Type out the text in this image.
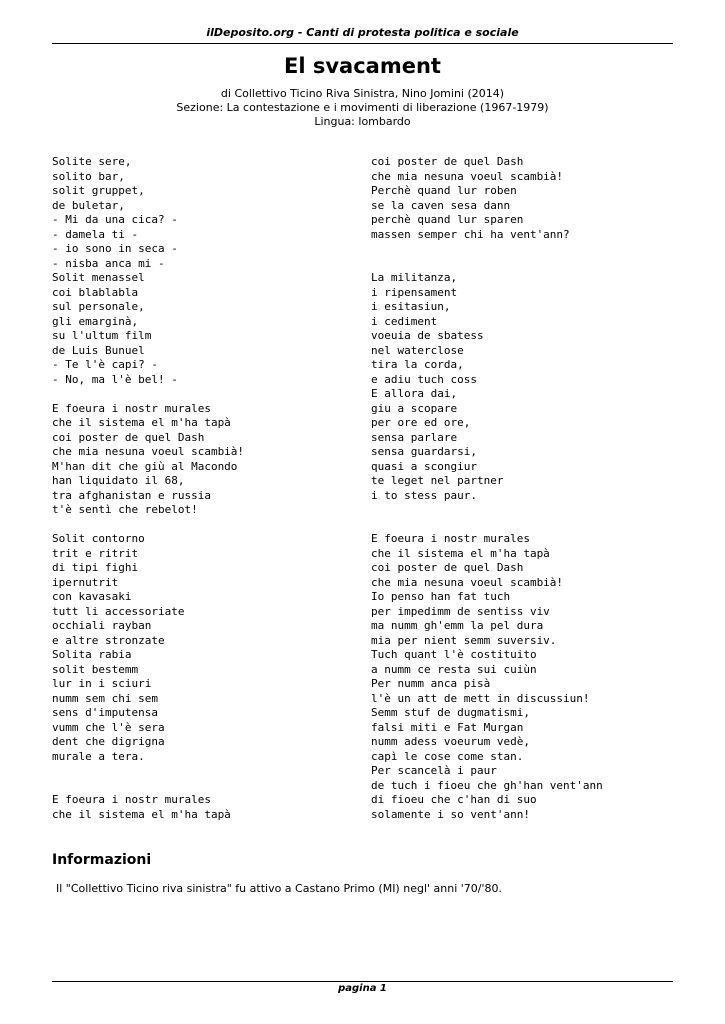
ilDeposito.org - Canti di protesta politica e sociale
El svacament
di Collettivo Ticino Riva Sinistra, Nino Jomini (2014)
Sezione: La contestazione e i movimenti di liberazione (1967-1979)
Lingua: lombardo
Solite sere,
solito bar,
solit gruppet,
de buletar,
- Mi da una cica? -
- damela ti -
- io sono in seca -
- nisba anca mi -
Solit menassel
coi blablabla
sul personale,
gli emarginà,
su l'ultum film
de Luis Bunuel
- Te l'è capi? -
- No, ma l'è bel! -

E foeura i nostr murales
che il sistema el m'ha tapà
coi poster de quel Dash
che mia nesuna voeul scambià!
M'han dit che giù al Macondo
han liquidato il 68,
tra afghanistan e russia
t'è sentì che rebelot!

Solit contorno
trit e ritrit
di tipi fighi
ipernutrit
con kavasaki
tutt li accessoriate
occhiali rayban
e altre stronzate
Solita rabia
solit bestemm
lur in i sciuri
numm sem chi sem
sens d'imputensa
vumm che l'è sera
dent che digrigna
murale a tera.

E foeura i nostr murales
che il sistema el m'ha tapà

coi poster de quel Dash
che mia nesuna voeul scambià!
Perchè quand lur roben
se la caven sesa dann
perchè quand lur sparen
massen semper chi ha vent'ann?

La militanza,
i ripensament
i esitasiun,
i cediment
voeuia de sbatess
nel waterclose
tira la corda,
e adiu tuch coss
E allora dai,
giu a scopare
per ore ed ore,
sensa parlare
sensa guardarsi,
quasi a scongiur
te leget nel partner
i to stess paur.

E foeura i nostr murales
che il sistema el m'ha tapà
coi poster de quel Dash
che mia nesuna voeul scambià!
Io penso han fat tuch
per impedimm de sentiss viv
ma numm gh'emm la pel dura
mia per nient semm suversiv.
Tuch quant l'è costituito
a numm ce resta sui cuiùn
Per numm anca pisà
l'è un att de mett in discussiun!
Semm stuf de dugmatismi,
falsi miti e Fat Murgan
numm adess voeurum vedè,
capì le cose come stan.
Per scancelà i paur
de tuch i fioeu che gh'han vent'ann
di fioeu che c'han di suo
solamente i so vent'ann!

Informazioni
Il "Collettivo Ticino riva sinistra" fu attivo a Castano Primo (MI) negl' anni '70/'80.
pagina 1
